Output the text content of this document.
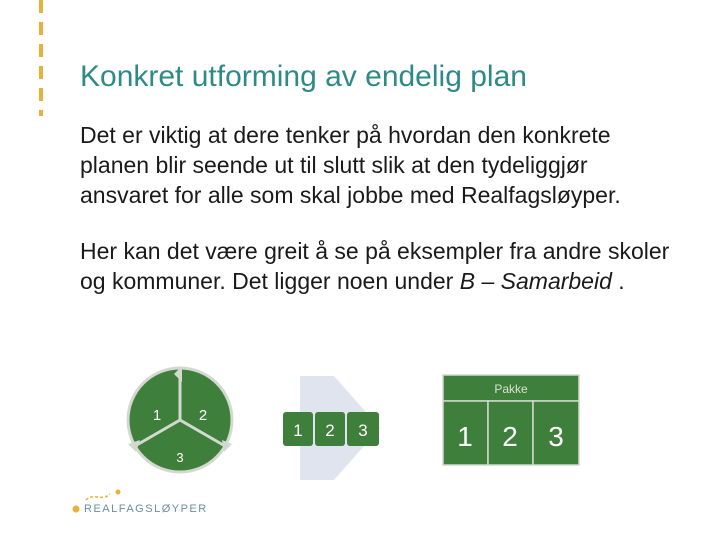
Konkret utforming av endelig plan

Det er viktig at dere tenker på hvordan den konkrete planen blir seende ut til slutt slik at den tydeliggjør ansvaret for alle som skal jobbe med Realfagsløyper.

Her kan det være greit å se på eksempler fra andre skoler og kommuner. Det ligger noen under B – Samarbeid .

1	2
3
1 2 3
Pakke
1 2 3
REALFAGSLØYPER
